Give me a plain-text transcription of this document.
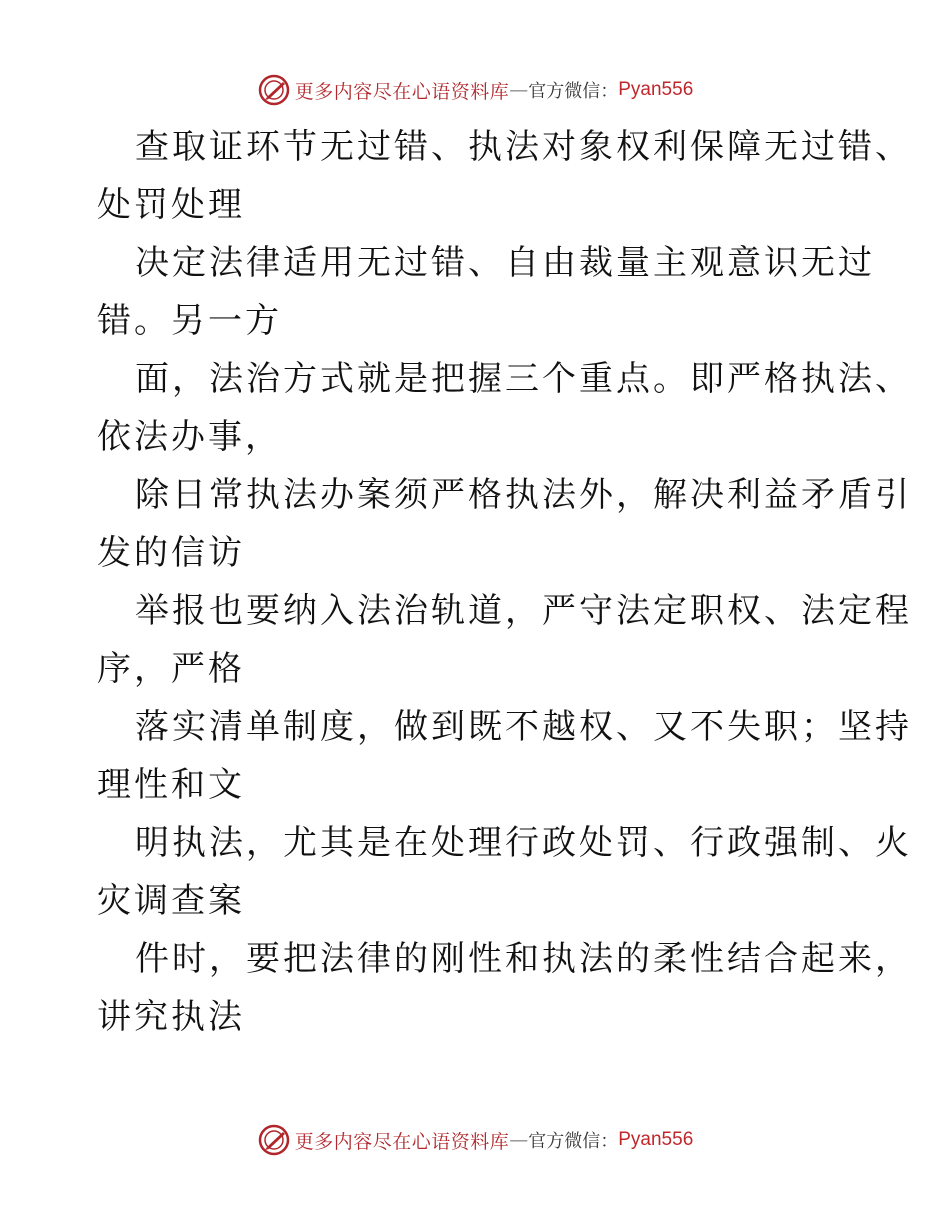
更多内容尽在心语资料库 — 官方微信： Pyan556
查取证环节无过错、执法对象权利保障无过错、
处罚处理
决定法律适用无过错、自由裁量主观意识无过
错。另一方
面，法治方式就是把握三个重点。即严格执法、
依法办事，
除日常执法办案须严格执法外，解决利益矛盾引
发的信访
举报也要纳入法治轨道，严守法定职权、法定程
序，严格
落实清单制度，做到既不越权、又不失职；坚持
理性和文
明执法，尤其是在处理行政处罚、行政强制、火
灾调查案
件时，要把法律的刚性和执法的柔性结合起来，
讲究执法
更多内容尽在心语资料库 — 官方微信： Pyan556
